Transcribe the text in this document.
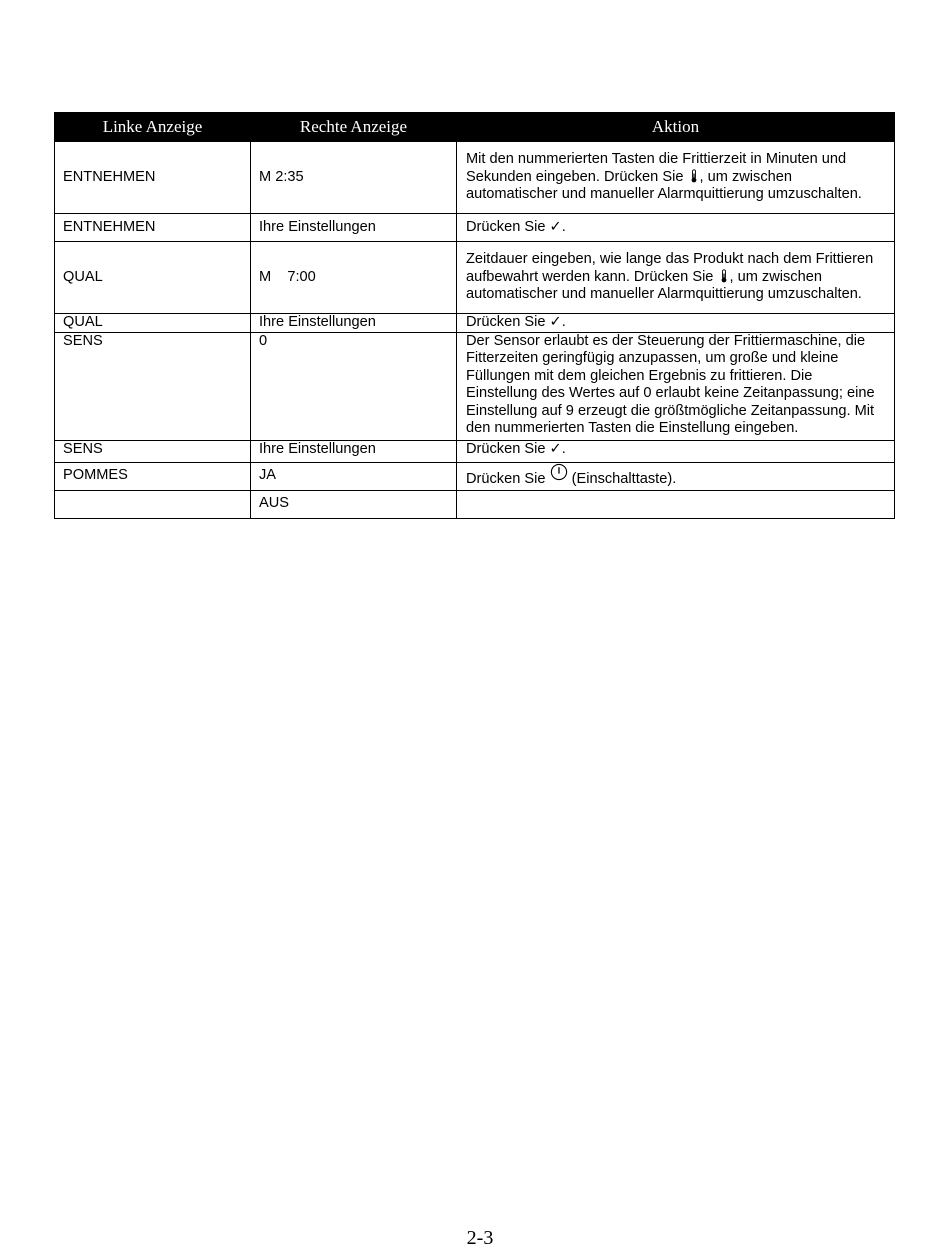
Linke Anzeige	Rechte Anzeige	Aktion
ENTNEHMEN	M 2:35	Mit den nummerierten Tasten die Frittierzeit in Minuten und Sekunden eingeben. Drücken Sie , um zwischen automatischer und manueller Alarmquittierung umzuschalten.
ENTNEHMEN	Ihre Einstellungen	Drücken Sie ✓.
QUAL	M    7:00	Zeitdauer eingeben, wie lange das Produkt nach dem Frittieren aufbewahrt werden kann. Drücken Sie , um zwischen automatischer und manueller Alarmquittierung umzuschalten.
QUAL	Ihre Einstellungen	Drücken Sie ✓.
SENS	0	Der Sensor erlaubt es der Steuerung der Frittiermaschine, die Fitterzeiten geringfügig anzupassen, um große und kleine Füllungen mit dem gleichen Ergebnis zu frittieren. Die Einstellung des Wertes auf 0 erlaubt keine Zeitanpassung; eine Einstellung auf 9 erzeugt die größtmögliche Zeitanpassung. Mit den nummerierten Tasten die Einstellung eingeben.
SENS	Ihre Einstellungen	Drücken Sie ✓.
POMMES	JA	Drücken Sie (Einschalttaste).
	AUS	
2-3
